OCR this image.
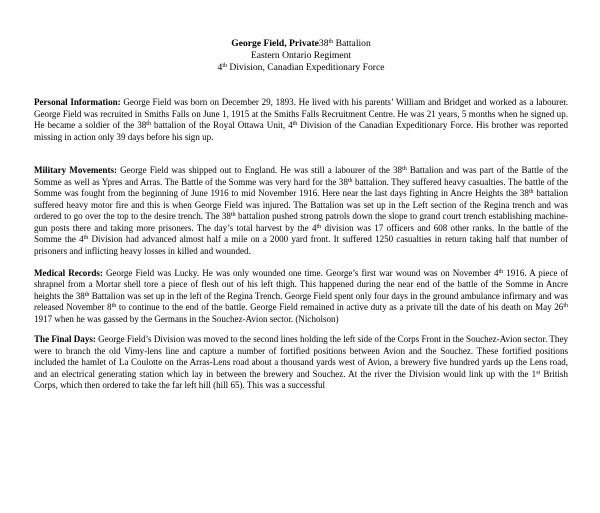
George Field, Private38th Battalion
Eastern Ontario Regiment
4th Division, Canadian Expeditionary Force

Personal Information: George Field was born on December 29, 1893. He lived with his parents’ William and Bridget and worked as a labourer. George Field was recruited in Smiths Falls on June 1, 1915 at the Smiths Falls Recruitment Centre. He was 21 years, 5 months when he signed up. He became a soldier of the 38th battalion of the Royal Ottawa Unit, 4th Division of the Canadian Expeditionary Force. His brother was reported missing in action only 39 days before his sign up.

Military Movements: George Field was shipped out to England. He was still a labourer of the 38th Battalion and was part of the Battle of the Somme as well as Ypres and Arras. The Battle of the Somme was very hard for the 38th battalion. They suffered heavy casualties. The battle of the Somme was fought from the beginning of June 1916 to mid November 1916. Here near the last days fighting in Ancre Heights the 38th battalion suffered heavy motor fire and this is when George Field was injured. The Battalion was set up in the Left section of the Regina trench and was ordered to go over the top to the desire trench. The 38th battalion pushed strong patrols down the slope to grand court trench establishing machine-gun posts there and taking more prisoners. The day’s total harvest by the 4th division was 17 officers and 608 other ranks. In the battle of the Somme the 4th Division had advanced almost half a mile on a 2000 yard front. It suffered 1250 casualties in return taking half that number of prisoners and inflicting heavy losses in killed and wounded.

Medical Records: George Field was Lucky. He was only wounded one time. George’s first war wound was on November 4th 1916. A piece of shrapnel from a Mortar shell tore a piece of flesh out of his left thigh. This happened during the near end of the battle of the Somme in Ancre heights the 38th Battalion was set up in the left of the Regina Trench. George Field spent only four days in the ground ambulance infirmary and was released November 8th to continue to the end of the battle. George Field remained in active duty as a private till the date of his death on May 26th 1917 when he was gassed by the Germans in the Souchez-Avion sector. (Nicholson)

The Final Days: George Field’s Division was moved to the second lines holding the left side of the Corps Front in the Souchez-Avion sector. They were to branch the old Vimy-lens line and capture a number of fortified positions between Avion and the Souchez. These fortified positions included the hamlet of La Coulotte on the Arras-Lens road about a thousand yards west of Avion, a brewery five hundred yards up the Lens road, and an electrical generating station which lay in between the brewery and Souchez. At the river the Division would link up with the 1st British Corps, which then ordered to take the far left hill (hill 65). This was a successful
